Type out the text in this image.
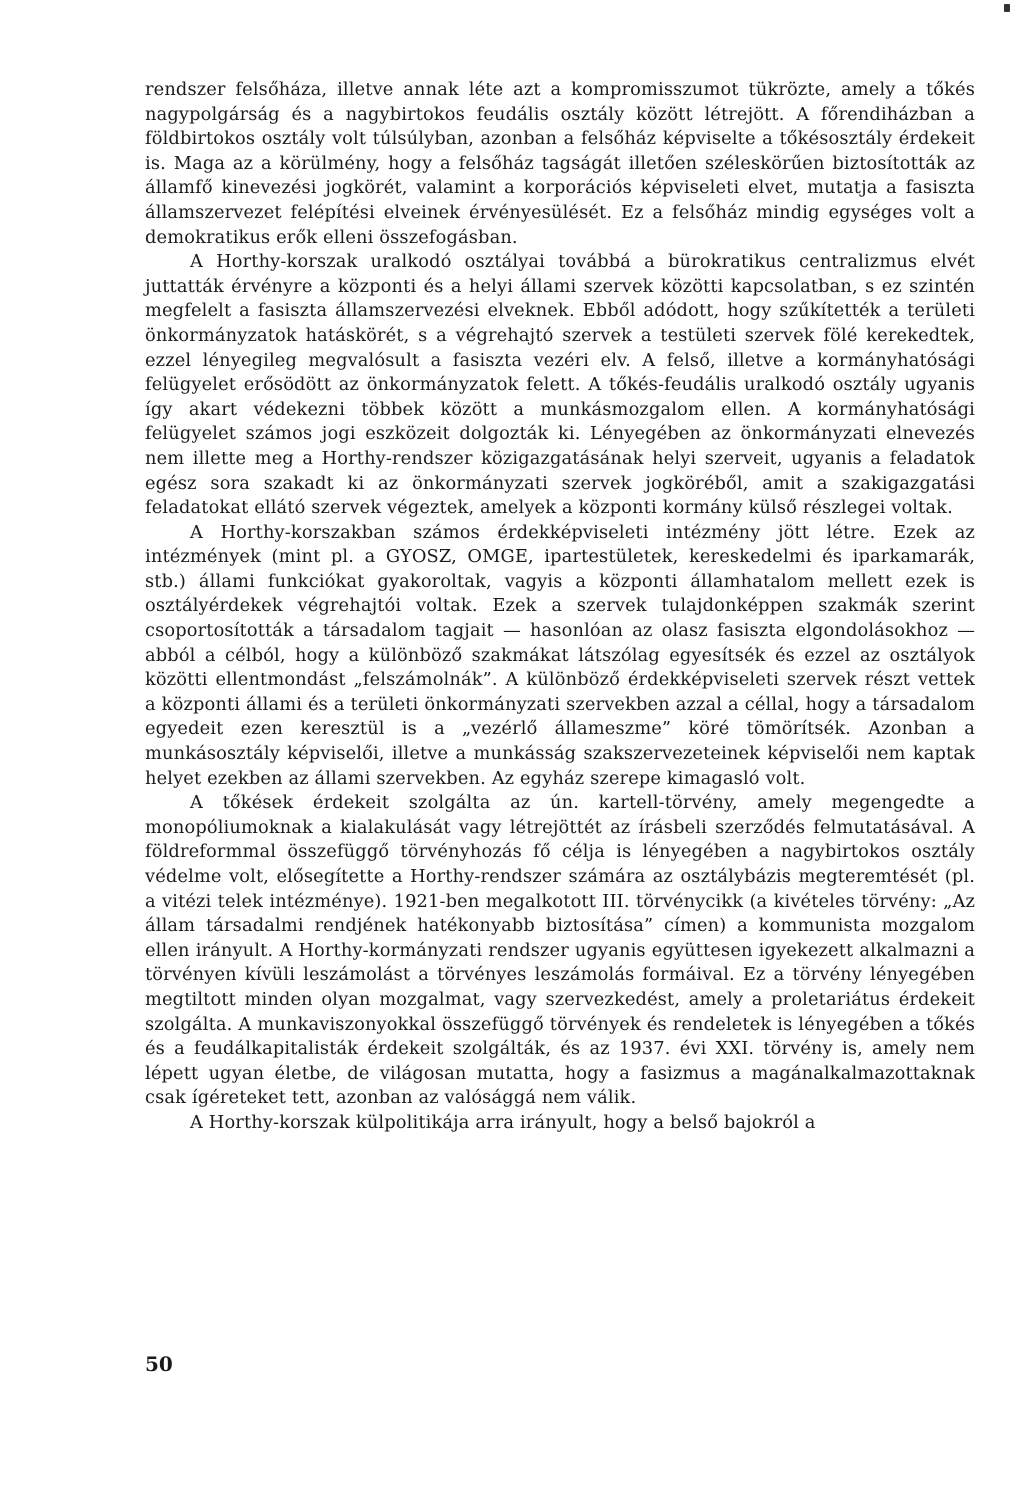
rendszer felsőháza, illetve annak léte azt a kompromisszumot tükrözte, amely a tőkés nagypolgárság és a nagybirtokos feudális osztály között létrejött. A főrendiházban a földbirtokos osztály volt túlsúlyban, azonban a felsőház képviselte a tőkésosztály érdekeit is. Maga az a körülmény, hogy a felsőház tagságát illetően széleskörűen biztosították az államfő kinevezési jogkörét, valamint a korporációs képviseleti elvet, mutatja a fasiszta államszervezet felépítési elveinek érvényesülését. Ez a felsőház mindig egységes volt a demokratikus erők elleni összefogásban.

A Horthy-korszak uralkodó osztályai továbbá a bürokratikus centralizmus elvét juttatták érvényre a központi és a helyi állami szervek közötti kapcsolatban, s ez szintén megfelelt a fasiszta államszervezési elveknek. Ebből adódott, hogy szűkítették a területi önkormányzatok hatáskörét, s a végrehajtó szervek a testületi szervek fölé kerekedtek, ezzel lényegileg megvalósult a fasiszta vezéri elv. A felső, illetve a kormányhatósági felügyelet erősödött az önkormányzatok felett. A tőkés-feudális uralkodó osztály ugyanis így akart védekezni többek között a munkásmozgalom ellen. A kormányhatósági felügyelet számos jogi eszközeit dolgozták ki. Lényegében az önkormányzati elnevezés nem illette meg a Horthy-rendszer közigazgatásának helyi szerveit, ugyanis a feladatok egész sora szakadt ki az önkormányzati szervek jogköréből, amit a szakigazgatási feladatokat ellátó szervek végeztek, amelyek a központi kormány külső részlegei voltak.

A Horthy-korszakban számos érdekképviseleti intézmény jött létre. Ezek az intézmények (mint pl. a GYOSZ, OMGE, ipartestületek, kereskedelmi és iparkamarák, stb.) állami funkciókat gyakoroltak, vagyis a központi államhatalom mellett ezek is osztályérdekek végrehajtói voltak. Ezek a szervek tulajdonképpen szakmák szerint csoportosították a társadalom tagjait — hasonlóan az olasz fasiszta elgondolásokhoz — abból a célból, hogy a különböző szakmákat látszólag egyesítsék és ezzel az osztályok közötti ellentmondást „felszámolnák”. A különböző érdekképviseleti szervek részt vettek a központi állami és a területi önkormányzati szervekben azzal a céllal, hogy a társadalom egyedeit ezen keresztül is a „vezérlő állameszme” köré tömörítsék. Azonban a munkásosztály képviselői, illetve a munkásság szakszervezeteinek képviselői nem kaptak helyet ezekben az állami szervekben. Az egyház szerepe kimagasló volt.

A tőkések érdekeit szolgálta az ún. kartell-törvény, amely megengedte a monopóliumoknak a kialakulását vagy létrejöttét az írásbeli szerződés felmutatásával. A földreformmal összefüggő törvényhozás fő célja is lényegében a nagybirtokos osztály védelme volt, elősegítette a Horthy-rendszer számára az osztálybázis megteremtését (pl. a vitézi telek intézménye). 1921-ben megalkotott III. törvénycikk (a kivételes törvény: „Az állam társadalmi rendjének hatékonyabb biztosítása” címen) a kommunista mozgalom ellen irányult. A Horthy-kormányzati rendszer ugyanis együttesen igyekezett alkalmazni a törvényen kívüli leszámolást a törvényes leszámolás formáival. Ez a törvény lényegében megtiltott minden olyan mozgalmat, vagy szervezkedést, amely a proletariátus érdekeit szolgálta. A munkaviszonyokkal összefüggő törvények és rendeletek is lényegében a tőkés és a feudálkapitalisták érdekeit szolgálták, és az 1937. évi XXI. törvény is, amely nem lépett ugyan életbe, de világosan mutatta, hogy a fasizmus a magánalkalmazottaknak csak ígéreteket tett, azonban az valósággá nem válik.

A Horthy-korszak külpolitikája arra irányult, hogy a belső bajokról a

50
